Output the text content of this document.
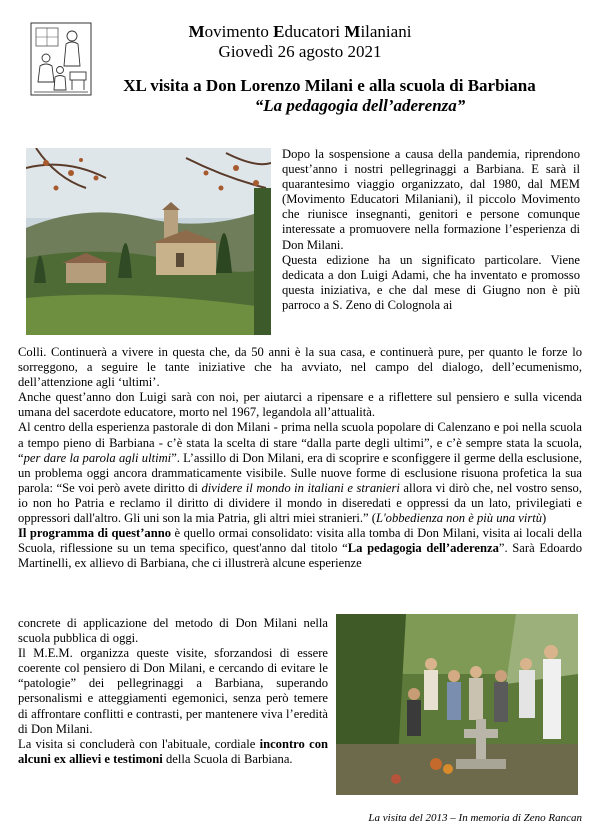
Movimento Educatori Milaniani
Giovedì 26 agosto 2021
XL visita a Don Lorenzo Milani e alla scuola di Barbiana
“La pedagogia dell’aderenza”

Dopo la sospensione a causa della pandemia, riprendono quest’anno i nostri pellegrinaggi a Barbiana. E sarà il quarantesimo viaggio organizzato, dal 1980, dal MEM (Movimento Educatori Milaniani), il piccolo Movimento che riunisce insegnanti, genitori e persone comunque interessate a promuovere nella formazione l’esperienza di Don Milani.

Questa edizione ha un significato particolare. Viene dedicata a don Luigi Adami, che ha inventato e promosso questa iniziativa, e che dal mese di Giugno non è più parroco a S. Zeno di Colognola ai

Colli. Continuerà a vivere in questa che, da 50 anni è la sua casa, e continuerà pure, per quanto le forze lo sorreggono, a seguire le tante iniziative che ha avviato, nel campo del dialogo, dell’ecumenismo, dell’attenzione agli ‘ultimi’.

Anche quest’anno don Luigi sarà con noi, per aiutarci a ripensare e a riflettere sul pensiero e sulla vicenda umana del sacerdote educatore, morto nel 1967, legandola all’attualità.

Al centro della esperienza pastorale di don Milani - prima nella scuola popolare di Calenzano e poi nella scuola a tempo pieno di Barbiana - c’è stata la scelta di stare “dalla parte degli ultimi”, e c’è sempre stata la scuola, “per dare la parola agli ultimi”. L’assillo di Don Milani, era di scoprire e sconfiggere il germe della esclusione, un problema oggi ancora drammaticamente visibile. Sulle nuove forme di esclusione risuona profetica la sua parola: “Se voi però avete diritto di dividere il mondo in italiani e stranieri allora vi dirò che, nel vostro senso, io non ho Patria e reclamo il diritto di dividere il mondo in diseredati e oppressi da un lato, privilegiati e oppressori dall'altro. Gli uni son la mia Patria, gli altri miei stranieri.” (L'obbedienza non è più una virtù)

Il programma di quest’anno è quello ormai consolidato: visita alla tomba di Don Milani, visita ai locali della Scuola, riflessione su un tema specifico, quest'anno dal titolo “La pedagogia dell’aderenza”. Sarà Edoardo Martinelli, ex allievo di Barbiana, che ci illustrerà alcune esperienze

concrete di applicazione del metodo di Don Milani nella scuola pubblica di oggi.

Il M.E.M. organizza queste visite, sforzandosi di essere coerente col pensiero di Don Milani, e cercando di evitare le “patologie” dei pellegrinaggi a Barbiana, superando personalismi e atteggiamenti egemonici, senza però temere di affrontare conflitti e contrasti, per mantenere viva l’eredità di Don Milani.

La visita si concluderà con l'abituale, cordiale incontro con alcuni ex allievi e testimoni della Scuola di Barbiana.

La visita del 2013 – In memoria di Zeno Rancan
